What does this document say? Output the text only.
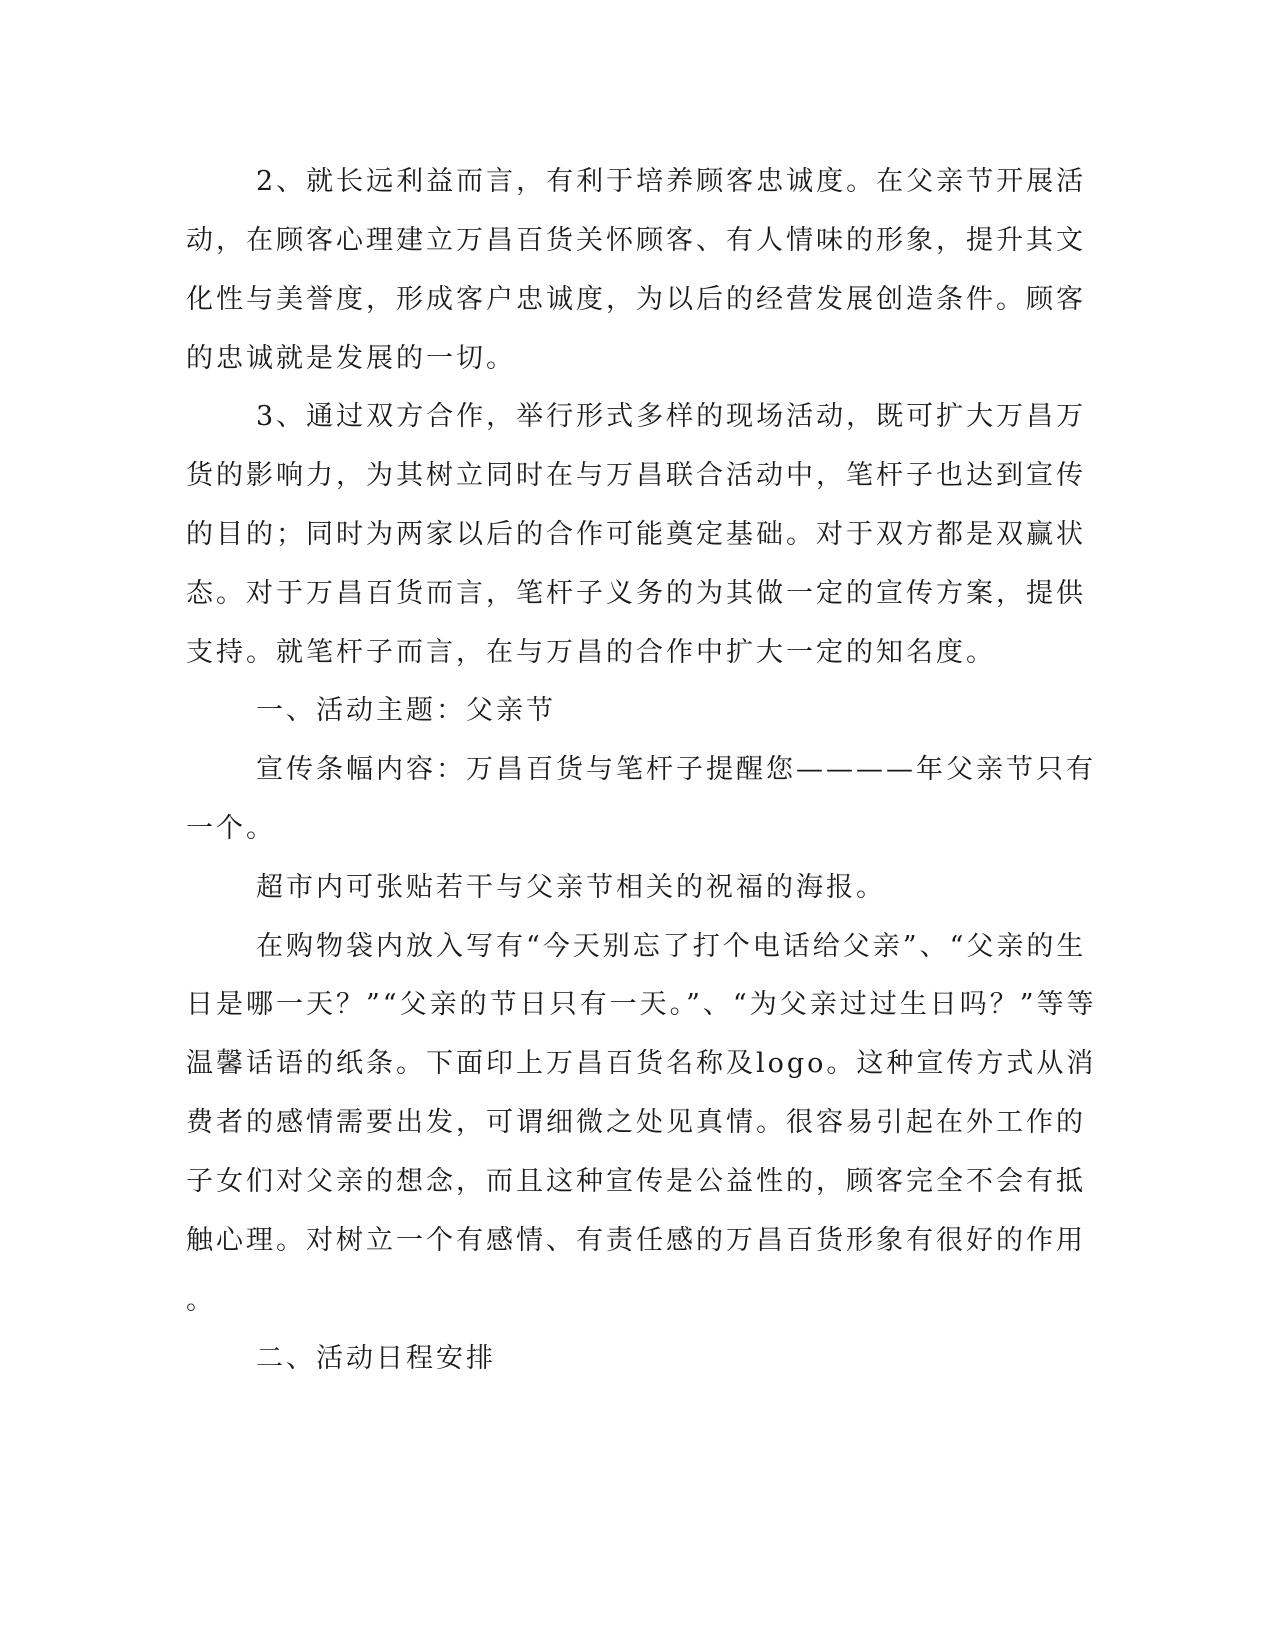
2、就长远利益而言，有利于培养顾客忠诚度。在父亲节开展活
动，在顾客心理建立万昌百货关怀顾客、有人情味的形象，提升其文
化性与美誉度，形成客户忠诚度，为以后的经营发展创造条件。顾客
的忠诚就是发展的一切。
3、通过双方合作，举行形式多样的现场活动，既可扩大万昌万
货的影响力，为其树立同时在与万昌联合活动中，笔杆子也达到宣传
的目的；同时为两家以后的合作可能奠定基础。对于双方都是双赢状
态。对于万昌百货而言，笔杆子义务的为其做一定的宣传方案，提供
支持。就笔杆子而言，在与万昌的合作中扩大一定的知名度。
一、活动主题：父亲节
宣传条幅内容：万昌百货与笔杆子提醒您————年父亲节只有
一个。
超市内可张贴若干与父亲节相关的祝福的海报。
在购物袋内放入写有“今天别忘了打个电话给父亲”、“父亲的生
日是哪一天？”“父亲的节日只有一天。”、“为父亲过过生日吗？”等等
温馨话语的纸条。下面印上万昌百货名称及logo。这种宣传方式从消
费者的感情需要出发，可谓细微之处见真情。很容易引起在外工作的
子女们对父亲的想念，而且这种宣传是公益性的，顾客完全不会有抵
触心理。对树立一个有感情、有责任感的万昌百货形象有很好的作用
。
二、活动日程安排
